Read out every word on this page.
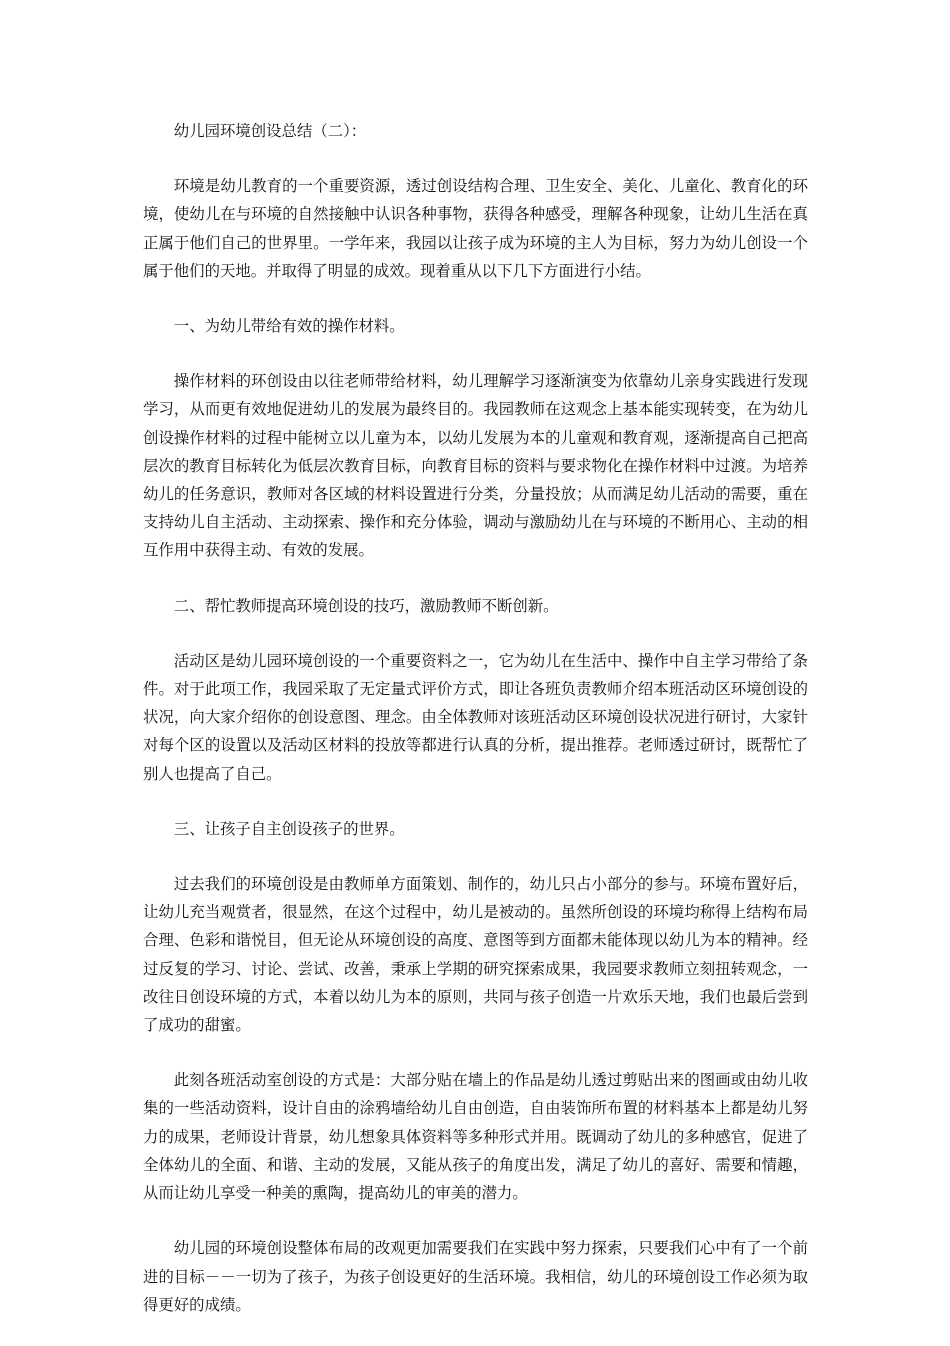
幼儿园环境创设总结（二）：

环境是幼儿教育的一个重要资源，透过创设结构合理、卫生安全、美化、儿童化、教育化的环境，使幼儿在与环境的自然接触中认识各种事物，获得各种感受，理解各种现象，让幼儿生活在真正属于他们自己的世界里。一学年来，我园以让孩子成为环境的主人为目标，努力为幼儿创设一个属于他们的天地。并取得了明显的成效。现着重从以下几下方面进行小结。

一、为幼儿带给有效的操作材料。

操作材料的环创设由以往老师带给材料，幼儿理解学习逐渐演变为依靠幼儿亲身实践进行发现学习，从而更有效地促进幼儿的发展为最终目的。我园教师在这观念上基本能实现转变，在为幼儿创设操作材料的过程中能树立以儿童为本，以幼儿发展为本的儿童观和教育观，逐渐提高自己把高层次的教育目标转化为低层次教育目标，向教育目标的资料与要求物化在操作材料中过渡。为培养幼儿的任务意识，教师对各区域的材料设置进行分类，分量投放；从而满足幼儿活动的需要，重在支持幼儿自主活动、主动探索、操作和充分体验，调动与激励幼儿在与环境的不断用心、主动的相互作用中获得主动、有效的发展。

二、帮忙教师提高环境创设的技巧，激励教师不断创新。

活动区是幼儿园环境创设的一个重要资料之一，它为幼儿在生活中、操作中自主学习带给了条件。对于此项工作，我园采取了无定量式评价方式，即让各班负责教师介绍本班活动区环境创设的状况，向大家介绍你的创设意图、理念。由全体教师对该班活动区环境创设状况进行研讨，大家针对每个区的设置以及活动区材料的投放等都进行认真的分析，提出推荐。老师透过研讨，既帮忙了别人也提高了自己。

三、让孩子自主创设孩子的世界。

过去我们的环境创设是由教师单方面策划、制作的，幼儿只占小部分的参与。环境布置好后，让幼儿充当观赏者，很显然，在这个过程中，幼儿是被动的。虽然所创设的环境均称得上结构布局合理、色彩和谐悦目，但无论从环境创设的高度、意图等到方面都未能体现以幼儿为本的精神。经过反复的学习、讨论、尝试、改善，秉承上学期的研究探索成果，我园要求教师立刻扭转观念，一改往日创设环境的方式，本着以幼儿为本的原则，共同与孩子创造一片欢乐天地，我们也最后尝到了成功的甜蜜。

此刻各班活动室创设的方式是：大部分贴在墙上的作品是幼儿透过剪贴出来的图画或由幼儿收集的一些活动资料，设计自由的涂鸦墙给幼儿自由创造，自由装饰所布置的材料基本上都是幼儿努力的成果，老师设计背景，幼儿想象具体资料等多种形式并用。既调动了幼儿的多种感官，促进了全体幼儿的全面、和谐、主动的发展，又能从孩子的角度出发，满足了幼儿的喜好、需要和情趣，从而让幼儿享受一种美的熏陶，提高幼儿的审美的潜力。

幼儿园的环境创设整体布局的改观更加需要我们在实践中努力探索，只要我们心中有了一个前进的目标－－一切为了孩子，为孩子创设更好的生活环境。我相信，幼儿的环境创设工作必须为取得更好的成绩。
